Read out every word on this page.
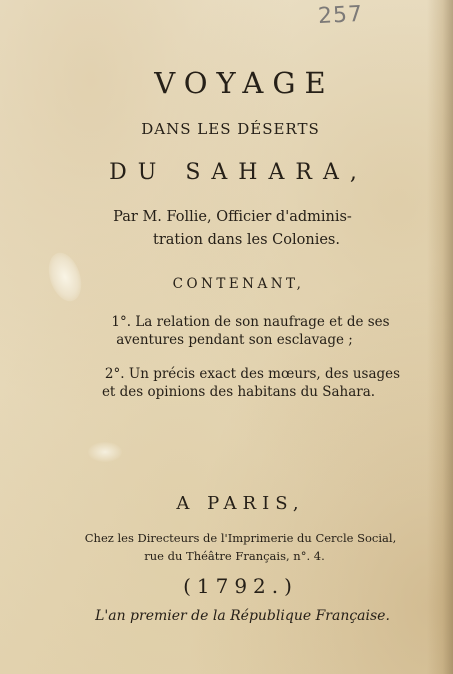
257
VOYAGE
DANS LES DÉSERTS
DU SAHARA,
Par M. Follie, Officier d'adminis-
tration dans les Colonies.
CONTENANT,
1°. La relation de son naufrage et de ses
aventures pendant son esclavage ;
2°. Un précis exact des mœurs, des usages
et des opinions des habitans du Sahara.
A PARIS,
Chez les Directeurs de l'Imprimerie du Cercle Social,
rue du Théâtre Français, n°. 4.
(1792.)
L'an premier de la République Française.
